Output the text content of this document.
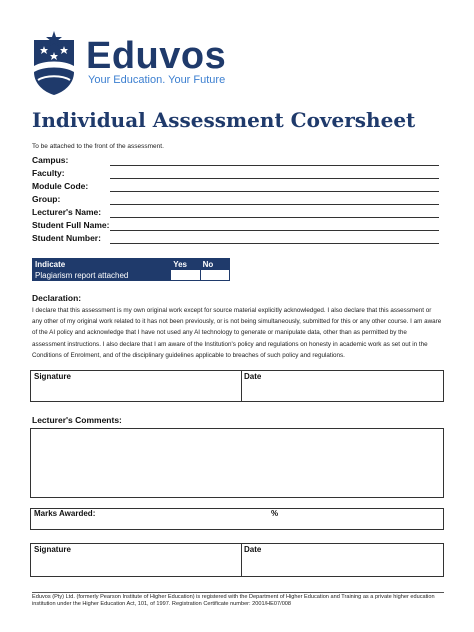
Eduvos
Your Education. Your Future
Individual Assessment Coversheet
To be attached to the front of the assessment.
Campus:
Faculty:
Module Code:
Group:
Lecturer's Name:
Student Full Name:
Student Number:
Indicate	Yes	No
Plagiarism report attached		
Declaration:
I declare that this assessment is my own original work except for source material explicitly acknowledged. I also declare that this assessment or any other of my original work related to it has not been previously, or is not being simultaneously, submitted for this or any other course. I am aware of the AI policy and acknowledge that I have not used any AI technology to generate or manipulate data, other than as permitted by the assessment instructions. I also declare that I am aware of the Institution's policy and regulations on honesty in academic work as set out in the Conditions of Enrolment, and of the disciplinary guidelines applicable to breaches of such policy and regulations.
Signature	Date
Lecturer's Comments:
Marks Awarded:	%
Signature	Date
Eduvos (Pty) Ltd. (formerly Pearson Institute of Higher Education) is registered with the Department of Higher Education and Training as a private higher education institution under the Higher Education Act, 101, of 1997. Registration Certificate number: 2001/HE07/008
